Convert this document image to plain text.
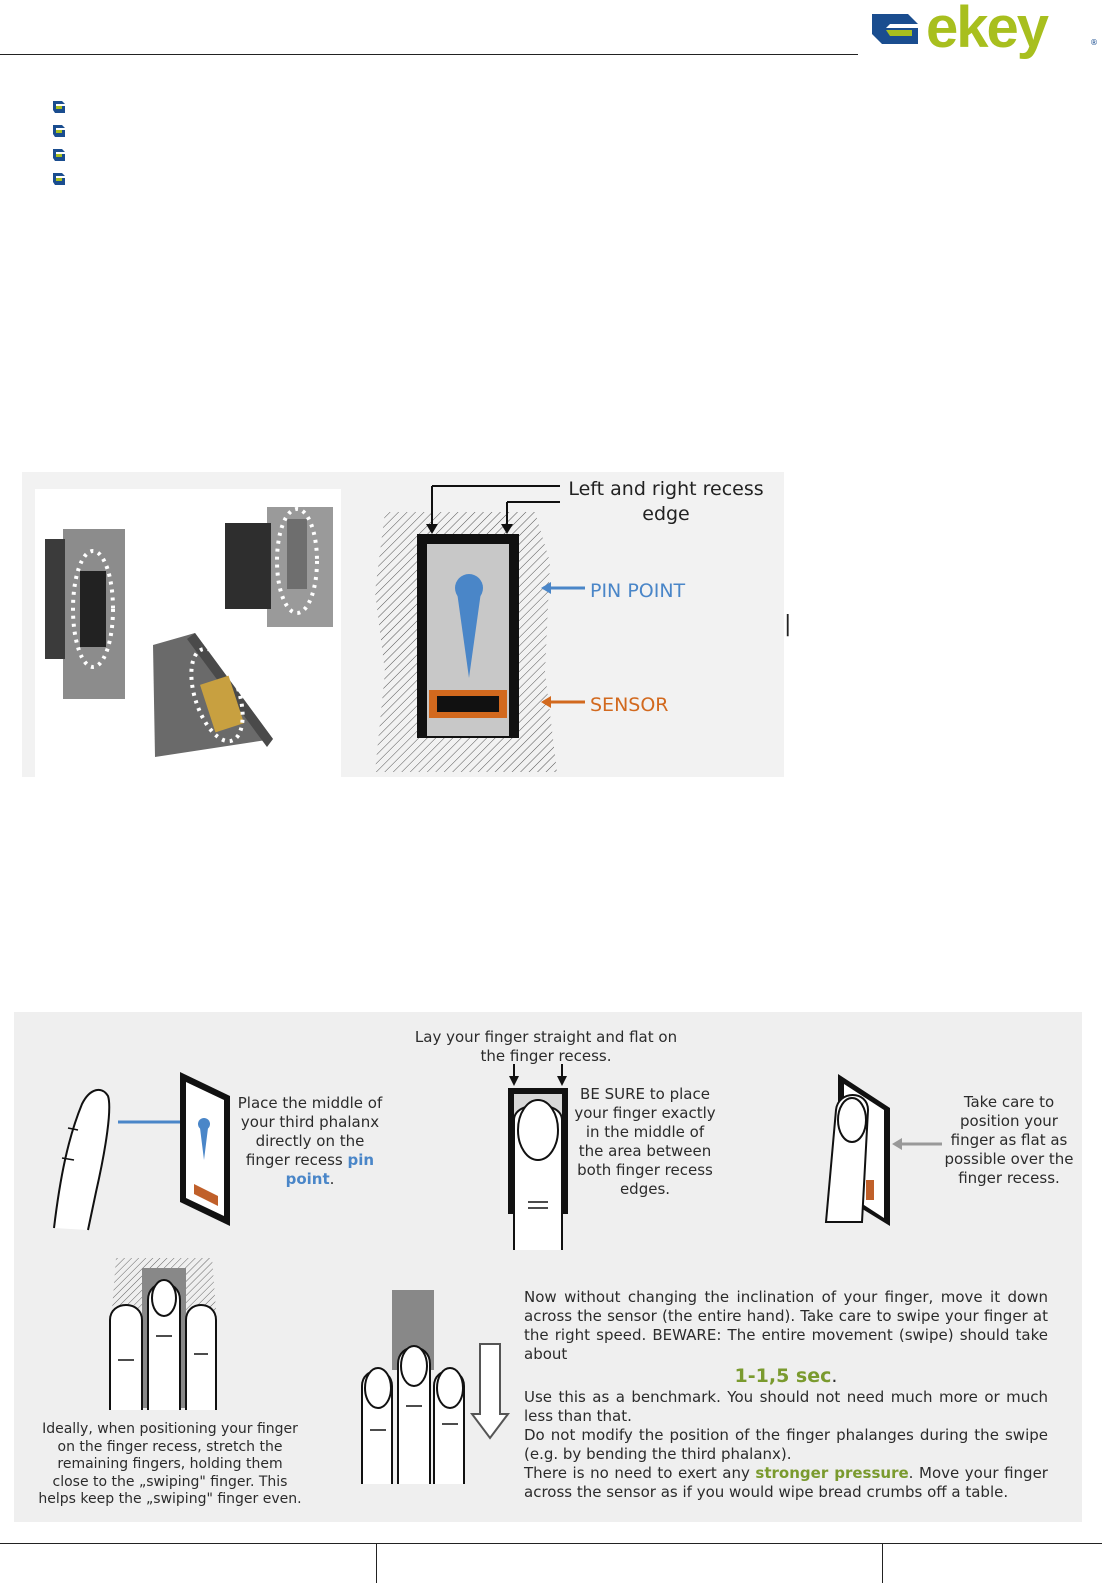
ekey	®
Left and right recess edge
PIN POINT
SENSOR
|
Lay your finger straight and flat on the finger recess.
Place the middle of your third phalanx directly on the finger recess pin point.
BE SURE to place your finger exactly in the middle of the area between both finger recess edges.
Take care to position your finger as flat as possible over the finger recess.
Ideally, when positioning your finger on the finger recess, stretch the remaining fingers, holding them close to the „swiping" finger. This helps keep the „swiping" finger even.
Now without changing the inclination of your finger, move it down across the sensor (the entire hand). Take care to swipe your finger at the right speed. BEWARE: The entire movement (swipe) should take about
1-1,5 sec.
Use this as a benchmark. You should not need much more or much less than that.
Do not modify the position of the finger phalanges during the swipe (e.g. by bending the third phalanx).
There is no need to exert any stronger pressure. Move your finger across the sensor as if you would wipe bread crumbs off a table.
